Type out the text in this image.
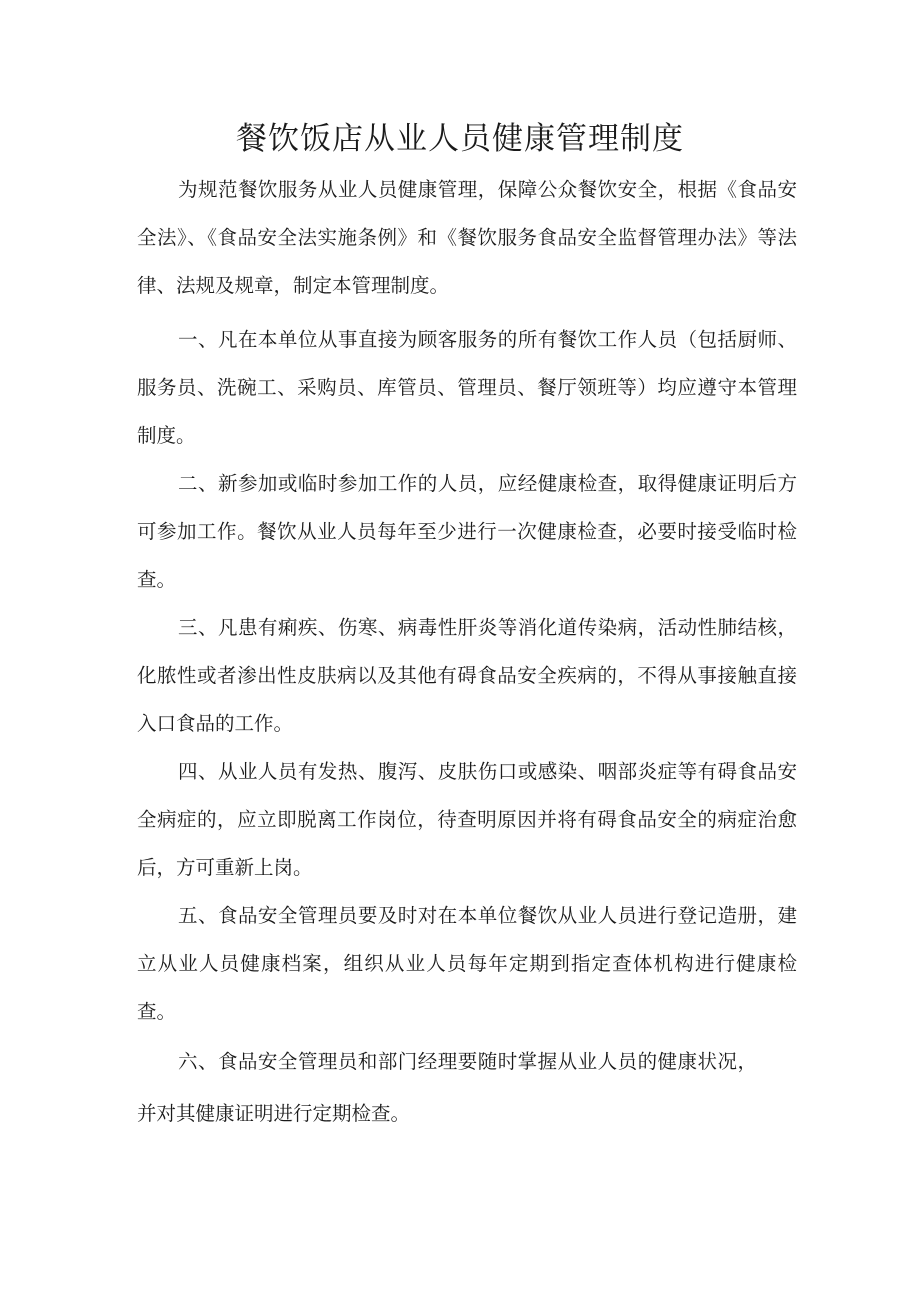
餐饮饭店从业人员健康管理制度

为规范餐饮服务从业人员健康管理，保障公众餐饮安全，根据《食品安全法》、《食品安全法实施条例》和《餐饮服务食品安全监督管理办法》等法律、法规及规章，制定本管理制度。

一、凡在本单位从事直接为顾客服务的所有餐饮工作人员（包括厨师、服务员、洗碗工、采购员、库管员、管理员、餐厅领班等）均应遵守本管理制度。

二、新参加或临时参加工作的人员，应经健康检查，取得健康证明后方可参加工作。餐饮从业人员每年至少进行一次健康检查，必要时接受临时检查。

三、凡患有痢疾、伤寒、病毒性肝炎等消化道传染病，活动性肺结核，化脓性或者渗出性皮肤病以及其他有碍食品安全疾病的，不得从事接触直接入口食品的工作。

四、从业人员有发热、腹泻、皮肤伤口或感染、咽部炎症等有碍食品安全病症的，应立即脱离工作岗位，待查明原因并将有碍食品安全的病症治愈后，方可重新上岗。

五、食品安全管理员要及时对在本单位餐饮从业人员进行登记造册，建立从业人员健康档案，组织从业人员每年定期到指定查体机构进行健康检查。

六、食品安全管理员和部门经理要随时掌握从业人员的健康状况，并对其健康证明进行定期检查。
